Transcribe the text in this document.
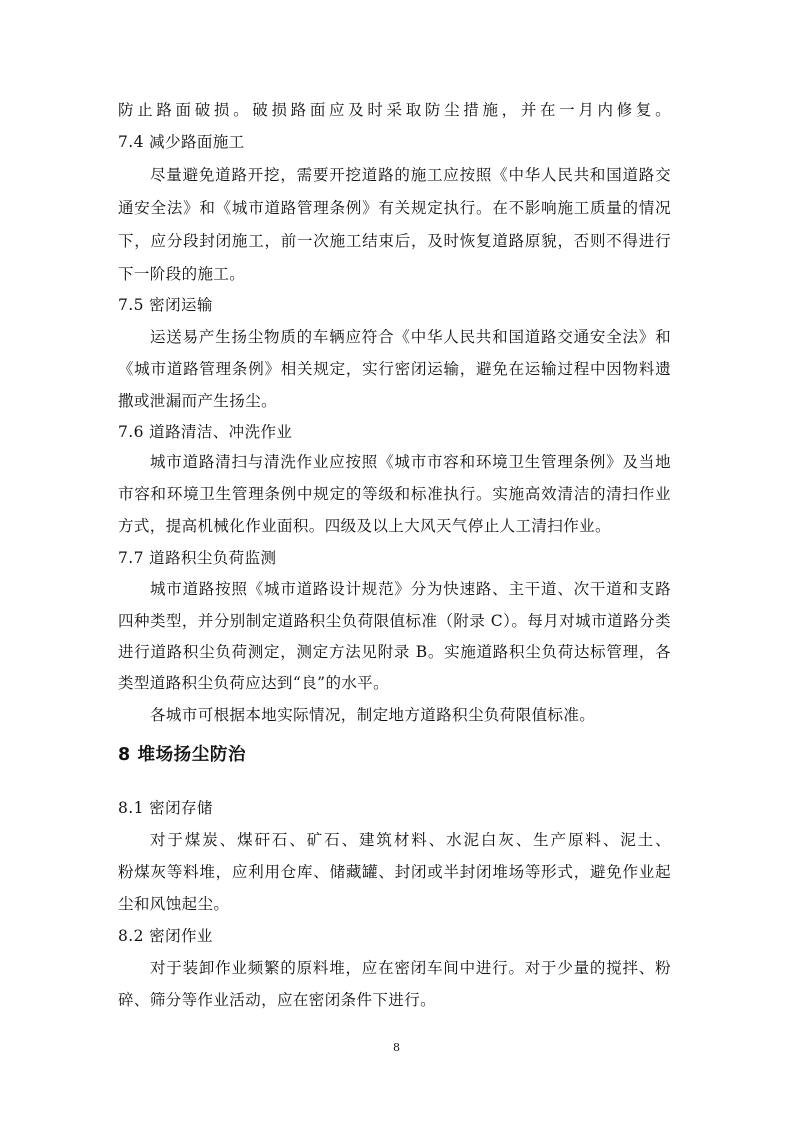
防止路面破损。破损路面应及时采取防尘措施，并在一月内修复。
7.4 减少路面施工
尽量避免道路开挖，需要开挖道路的施工应按照《中华人民共和国道路交
通安全法》和《城市道路管理条例》有关规定执行。在不影响施工质量的情况
下，应分段封闭施工，前一次施工结束后，及时恢复道路原貌，否则不得进行
下一阶段的施工。
7.5 密闭运输
运送易产生扬尘物质的车辆应符合《中华人民共和国道路交通安全法》和
《城市道路管理条例》相关规定，实行密闭运输，避免在运输过程中因物料遗
撒或泄漏而产生扬尘。
7.6 道路清洁、冲洗作业
城市道路清扫与清洗作业应按照《城市市容和环境卫生管理条例》及当地
市容和环境卫生管理条例中规定的等级和标准执行。实施高效清洁的清扫作业
方式，提高机械化作业面积。四级及以上大风天气停止人工清扫作业。
7.7 道路积尘负荷监测
城市道路按照《城市道路设计规范》分为快速路、主干道、次干道和支路
四种类型，并分别制定道路积尘负荷限值标准（附录 C）。每月对城市道路分类
进行道路积尘负荷测定，测定方法见附录 B。实施道路积尘负荷达标管理，各
类型道路积尘负荷应达到“良”的水平。
各城市可根据本地实际情况，制定地方道路积尘负荷限值标准。
8 堆场扬尘防治
8.1 密闭存储
对于煤炭、煤矸石、矿石、建筑材料、水泥白灰、生产原料、泥土、
粉煤灰等料堆，应利用仓库、储藏罐、封闭或半封闭堆场等形式，避免作业起
尘和风蚀起尘。
8.2 密闭作业
对于装卸作业频繁的原料堆，应在密闭车间中进行。对于少量的搅拌、粉
碎、筛分等作业活动，应在密闭条件下进行。
8
